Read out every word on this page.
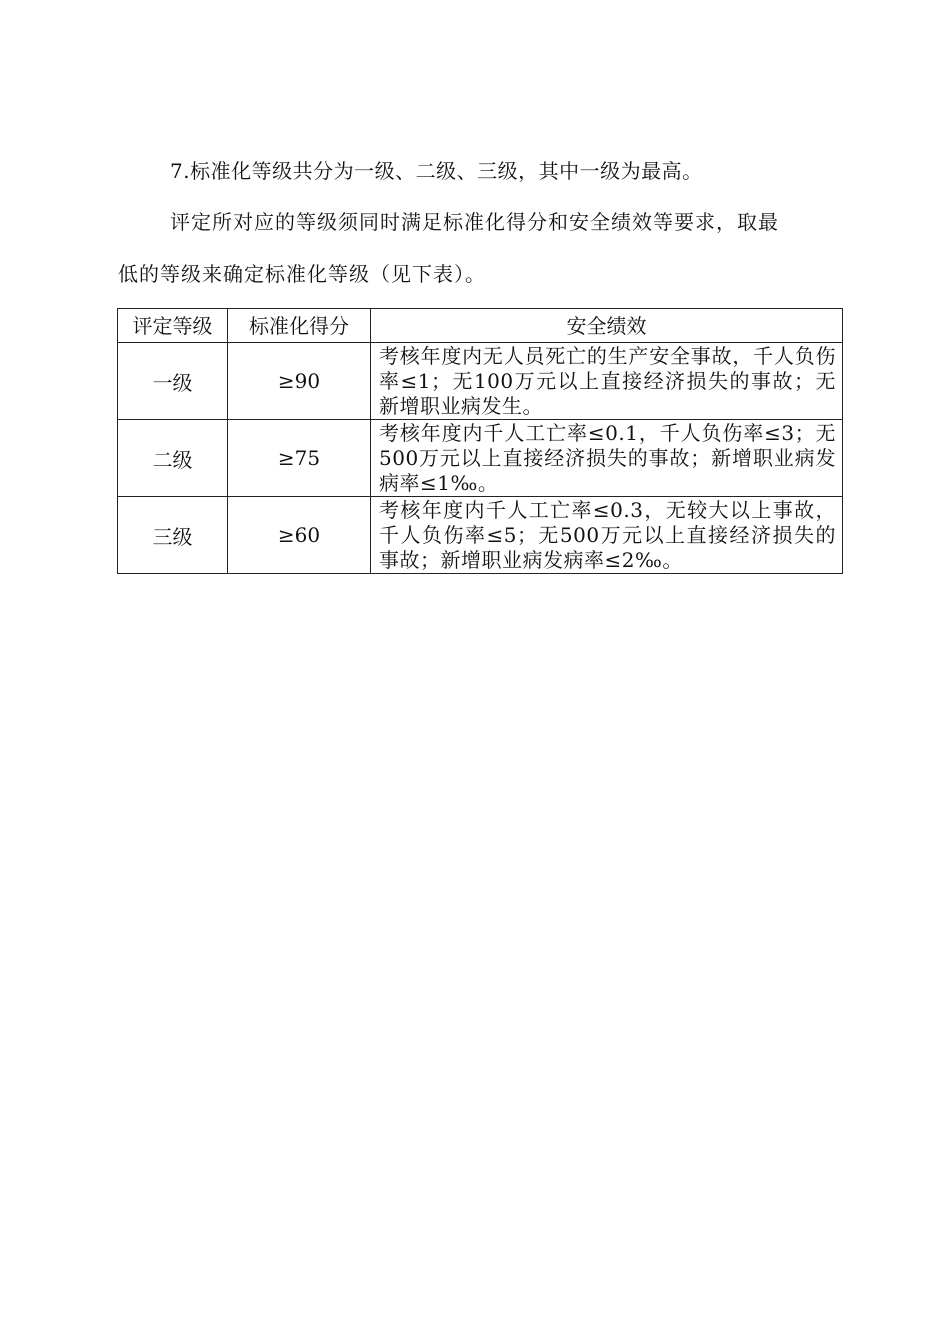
7.标准化等级共分为一级、二级、三级，其中一级为最高。

评定所对应的等级须同时满足标准化得分和安全绩效等要求，取最

低的等级来确定标准化等级（见下表）。

评定等级	标准化得分	安全绩效
一级	≥90	考核年度内无人员死亡的生产安全事故，千人负伤率≤1；无100万元以上直接经济损失的事故；无新增职业病发生。
二级	≥75	考核年度内千人工亡率≤0.1，千人负伤率≤3；无500万元以上直接经济损失的事故；新增职业病发病率≤1‰。
三级	≥60	考核年度内千人工亡率≤0.3，无较大以上事故，千人负伤率≤5；无500万元以上直接经济损失的事故；新增职业病发病率≤2‰。
